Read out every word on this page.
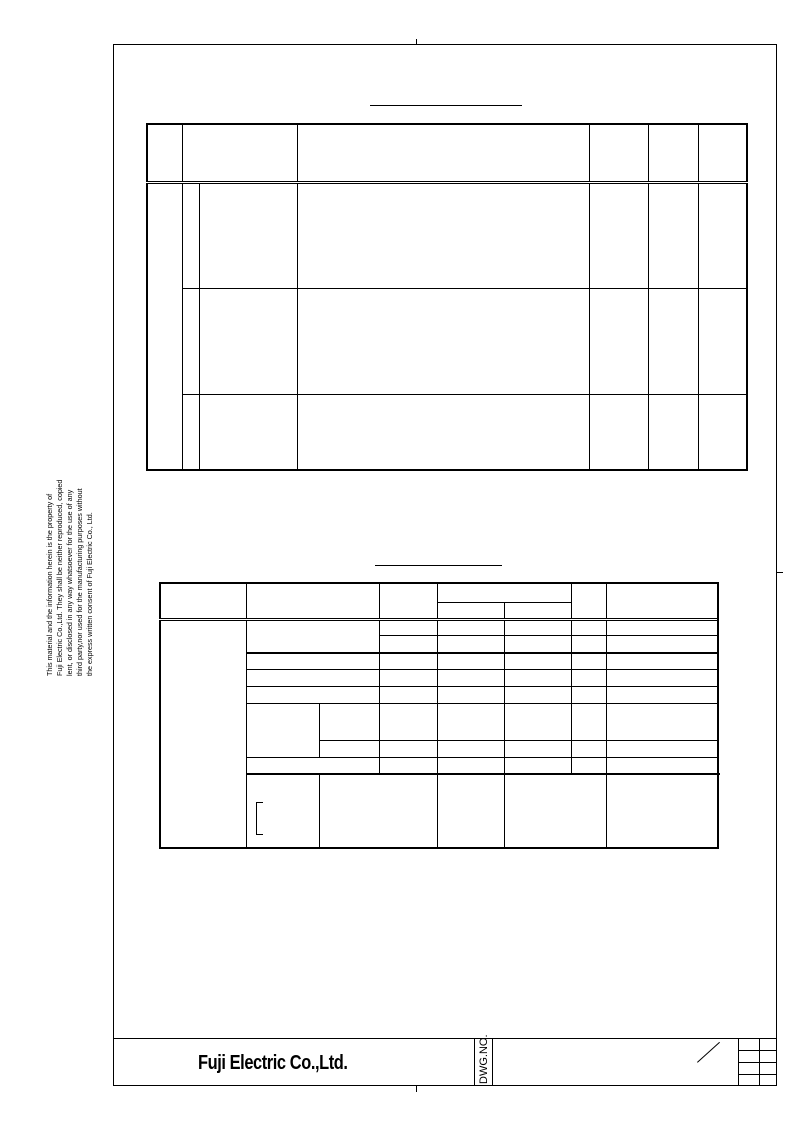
This material and the information herein is the property of Fuji Electric Co.,Ltd. They shall be neither reproduced, copied lent, or disclosed in any way whatsoever for the use of any third party,nor used for the manufacturing purposes without the express written consent of Fuji Electric Co., Ltd.

Fuji Electric Co.,Ltd.	DWG.NO.
